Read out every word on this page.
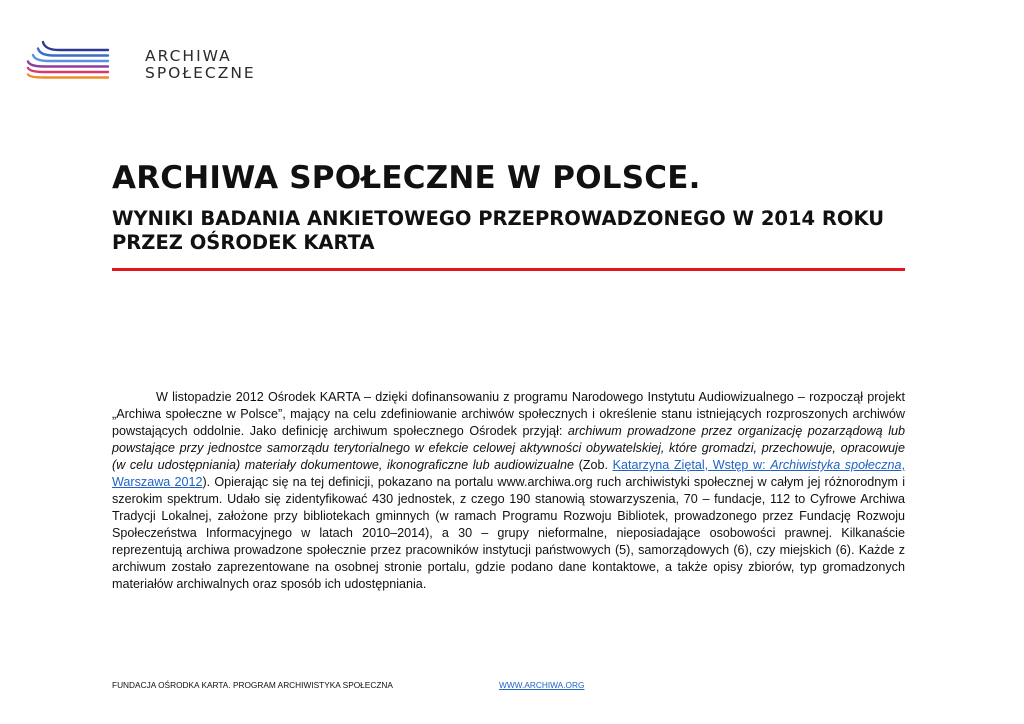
ARCHIWA
SPOŁECZNE
ARCHIWA SPOŁECZNE W POLSCE.
WYNIKI BADANIA ANKIETOWEGO PRZEPROWADZONEGO W 2014 ROKU PRZEZ OŚRODEK KARTA

W listopadzie 2012 Ośrodek KARTA – dzięki dofinansowaniu z programu Narodowego Instytutu Audiowizualnego – rozpoczął projekt „Archiwa społeczne w Polsce”, mający na celu zdefiniowanie archiwów społecznych i określenie stanu istniejących rozproszonych archiwów powstających oddolnie. Jako definicję archiwum społecznego Ośrodek przyjął: archiwum prowadzone przez organizację pozarządową lub powstające przy jednostce samorządu terytorialnego w efekcie celowej aktywności obywatelskiej, które gromadzi, przechowuje, opracowuje (w celu udostępniania) materiały dokumentowe, ikonograficzne lub audiowizualne (Zob. Katarzyna Ziętal, Wstęp w: Archiwistyka społeczna, Warszawa 2012). Opierając się na tej definicji, pokazano na portalu www.archiwa.org ruch archiwistyki społecznej w całym jej różnorodnym i szerokim spektrum. Udało się zidentyfikować 430 jednostek, z czego 190 stanowią stowarzyszenia, 70 – fundacje, 112 to Cyfrowe Archiwa Tradycji Lokalnej, założone przy bibliotekach gminnych (w ramach Programu Rozwoju Bibliotek, prowadzonego przez Fundację Rozwoju Społeczeństwa Informacyjnego w latach 2010–2014), a 30 – grupy nieformalne, nieposiadające osobowości prawnej. Kilkanaście reprezentują archiwa prowadzone społecznie przez pracowników instytucji państwowych (5), samorządowych (6), czy miejskich (6). Każde z archiwum zostało zaprezentowane na osobnej stronie portalu, gdzie podano dane kontaktowe, a także opisy zbiorów, typ gromadzonych materiałów archiwalnych oraz sposób ich udostępniania.

FUNDACJA OŚRODKA KARTA. PROGRAM ARCHIWISTYKA SPOŁECZNA	WWW.ARCHIWA.ORG
